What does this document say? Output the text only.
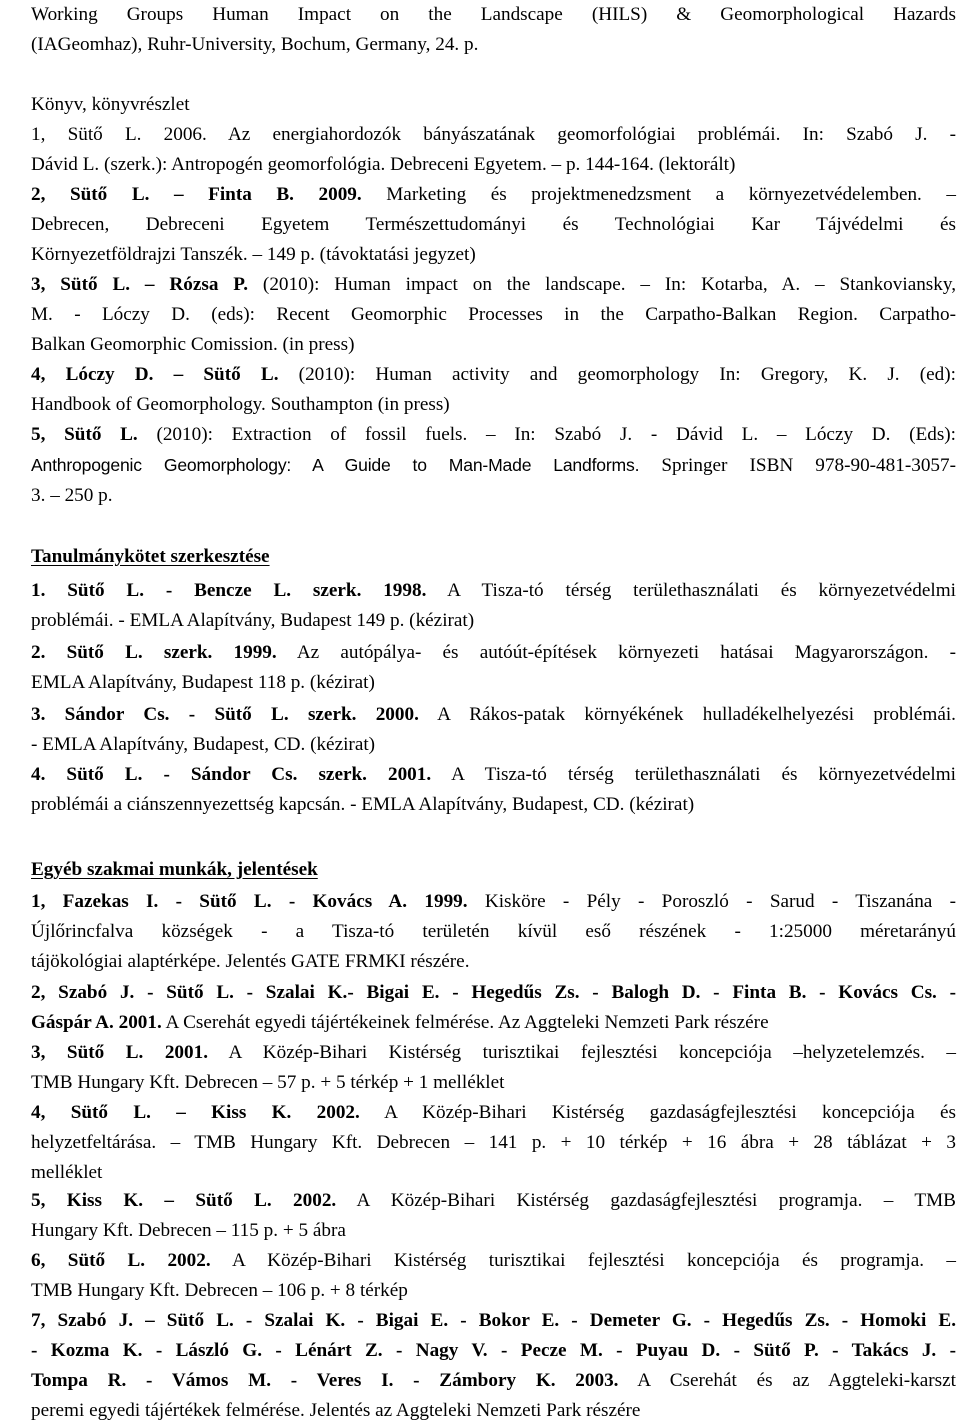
Working Groups Human Impact on the Landscape (HILS) & Geomorphological Hazards

(IAGeomhaz), Ruhr-University, Bochum, Germany, 24. p.

Könyv, könyvrészlet

1, Sütő L. 2006. Az energiahordozók bányászatának geomorfológiai problémái. In: Szabó J. -

Dávid L. (szerk.): Antropogén geomorfológia. Debreceni Egyetem. – p. 144-164. (lektorált)

2, Sütő L. – Finta B. 2009. Marketing és projektmenedzsment a környezetvédelemben. –

Debrecen, Debreceni Egyetem Természettudományi és Technológiai Kar Tájvédelmi és

Környezetföldrajzi Tanszék. – 149 p. (távoktatási jegyzet)

3, Sütő L. – Rózsa P. (2010): Human impact on the landscape. – In: Kotarba, A. – Stankoviansky,

M. - Lóczy D. (eds): Recent Geomorphic Processes in the Carpatho-Balkan Region. Carpatho-

Balkan Geomorphic Comission. (in press)

4, Lóczy D. – Sütő L. (2010): Human activity and geomorphology In: Gregory, K. J. (ed):

Handbook of Geomorphology. Southampton (in press)

5, Sütő L. (2010): Extraction of fossil fuels. – In: Szabó J. - Dávid L. – Lóczy D. (Eds):

Anthropogenic Geomorphology: A Guide to Man-Made Landforms. Springer ISBN 978-90-481-3057-

3. – 250 p.

Tanulmánykötet szerkesztése

1. Sütő L. - Bencze L. szerk. 1998. A Tisza-tó térség területhasználati és környezetvédelmi

problémái. - EMLA Alapítvány, Budapest 149 p. (kézirat)

2. Sütő L. szerk. 1999. Az autópálya- és autóút-építések környezeti hatásai Magyarországon. -

EMLA Alapítvány, Budapest 118 p. (kézirat)

3. Sándor Cs. - Sütő L. szerk. 2000. A Rákos-patak környékének hulladékelhelyezési problémái.

- EMLA Alapítvány, Budapest, CD. (kézirat)

4. Sütő L. - Sándor Cs. szerk. 2001. A Tisza-tó térség területhasználati és környezetvédelmi

problémái a ciánszennyezettség kapcsán. - EMLA Alapítvány, Budapest, CD. (kézirat)

Egyéb szakmai munkák, jelentések

1, Fazekas I. - Sütő L. - Kovács A. 1999. Kisköre - Pély - Poroszló - Sarud - Tiszanána -

Újlőrincfalva községek - a Tisza-tó területén kívül eső részének - 1:25000 méretarányú

tájökológiai alaptérképe. Jelentés GATE FRMKI részére.

2, Szabó J. - Sütő L. - Szalai K.- Bigai E. - Hegedűs Zs. - Balogh D. - Finta B. - Kovács Cs. -

Gáspár A. 2001. A Cserehát egyedi tájértékeinek felmérése. Az Aggteleki Nemzeti Park részére

3, Sütő L. 2001. A Közép-Bihari Kistérség turisztikai fejlesztési koncepciója –helyzetelemzés. –

TMB Hungary Kft. Debrecen – 57 p. + 5 térkép + 1 melléklet

4, Sütő L. – Kiss K. 2002. A Közép-Bihari Kistérség gazdaságfejlesztési koncepciója és

helyzetfeltárása. – TMB Hungary Kft. Debrecen – 141 p. + 10 térkép + 16 ábra + 28 táblázat + 3

melléklet

5, Kiss K. – Sütő L. 2002. A Közép-Bihari Kistérség gazdaságfejlesztési programja. – TMB

Hungary Kft. Debrecen – 115 p. + 5 ábra

6, Sütő L. 2002. A Közép-Bihari Kistérség turisztikai fejlesztési koncepciója és programja. –

TMB Hungary Kft. Debrecen – 106 p. + 8 térkép

7, Szabó J. – Sütő L. - Szalai K. - Bigai E. - Bokor E. - Demeter G. - Hegedűs Zs. - Homoki E.

- Kozma K. - László G. - Lénárt Z. - Nagy V. - Pecze M. - Puyau D. - Sütő P. - Takács J. -

Tompa R. - Vámos M. - Veres I. - Zámbory K. 2003. A Cserehát és az Aggteleki-karszt

peremi egyedi tájértékek felmérése. Jelentés az Aggteleki Nemzeti Park részére
